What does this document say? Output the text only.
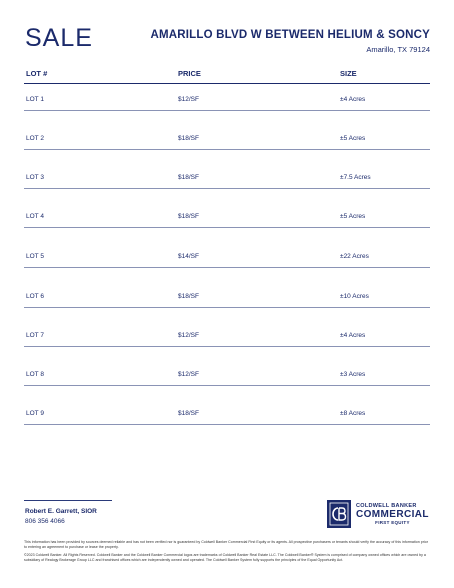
SALE	AMARILLO BLVD W BETWEEN HELIUM & SONCY
Amarillo, TX 79124
LOT #	PRICE	SIZE
LOT 1	$12/SF	±4 Acres
LOT 2	$18/SF	±5 Acres
LOT 3	$18/SF	±7.5 Acres
LOT 4	$18/SF	±5 Acres
LOT 5	$14/SF	±22 Acres
LOT 6	$18/SF	±10 Acres
LOT 7	$12/SF	±4 Acres
LOT 8	$12/SF	±3 Acres
LOT 9	$18/SF	±8 Acres
Robert E. Garrett, SIOR
806 356 4066
COLDWELL BANKER
COMMERCIAL
FIRST EQUITY
This information has been provided by sources deemed reliable and has not been verified nor is guaranteed by Coldwell Banker Commercial First Equity or its agents. All prospective purchasers or tenants should verify the accuracy of this information prior to entering an agreement to purchase or lease the property.
©2023 Coldwell Banker. All Rights Reserved. Coldwell Banker and the Coldwell Banker Commercial logos are trademarks of Coldwell Banker Real Estate LLC. The Coldwell Banker® System is comprised of company owned offices which are owned by a subsidiary of Realogy Brokerage Group LLC and franchised offices which are independently owned and operated. The Coldwell Banker System fully supports the principles of the Equal Opportunity Act.
